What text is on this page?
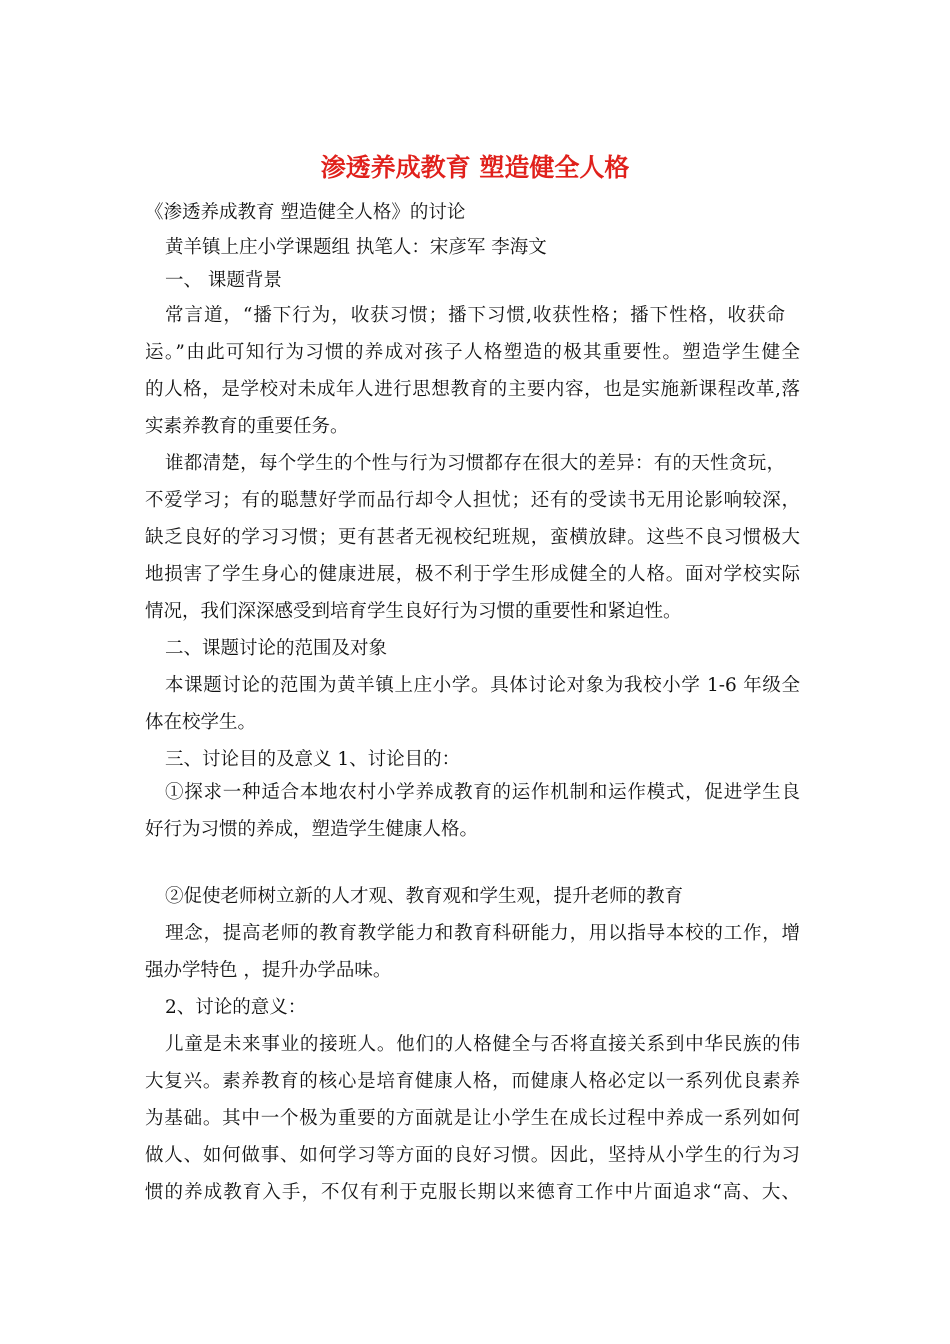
渗透养成教育 塑造健全人格
《渗透养成教育 塑造健全人格》的讨论
黄羊镇上庄小学课题组 执笔人：宋彦军 李海文
一、 课题背景
常言道，“播下行为，收获习惯；播下习惯,收获性格；播下性格，收获命
运。”由此可知行为习惯的养成对孩子人格塑造的极其重要性。塑造学生健全
的人格，是学校对未成年人进行思想教育的主要内容，也是实施新课程改革,落
实素养教育的重要任务。
谁都清楚，每个学生的个性与行为习惯都存在很大的差异：有的天性贪玩，
不爱学习；有的聪慧好学而品行却令人担忧；还有的受读书无用论影响较深，
缺乏良好的学习习惯；更有甚者无视校纪班规，蛮横放肆。这些不良习惯极大
地损害了学生身心的健康进展，极不利于学生形成健全的人格。面对学校实际
情况，我们深深感受到培育学生良好行为习惯的重要性和紧迫性。
二、课题讨论的范围及对象
本课题讨论的范围为黄羊镇上庄小学。具体讨论对象为我校小学 1-6 年级全
体在校学生。
三、讨论目的及意义 1、讨论目的：
①探求一种适合本地农村小学养成教育的运作机制和运作模式，促进学生良
好行为习惯的养成，塑造学生健康人格。
②促使老师树立新的人才观、教育观和学生观，提升老师的教育
理念，提高老师的教育教学能力和教育科研能力，用以指导本校的工作，增
强办学特色 ，提升办学品味。
2、讨论的意义：
儿童是未来事业的接班人。他们的人格健全与否将直接关系到中华民族的伟
大复兴。素养教育的核心是培育健康人格，而健康人格必定以一系列优良素养
为基础。其中一个极为重要的方面就是让小学生在成长过程中养成一系列如何
做人、如何做事、如何学习等方面的良好习惯。因此，坚持从小学生的行为习
惯的养成教育入手，不仅有利于克服长期以来德育工作中片面追求“高、大、
